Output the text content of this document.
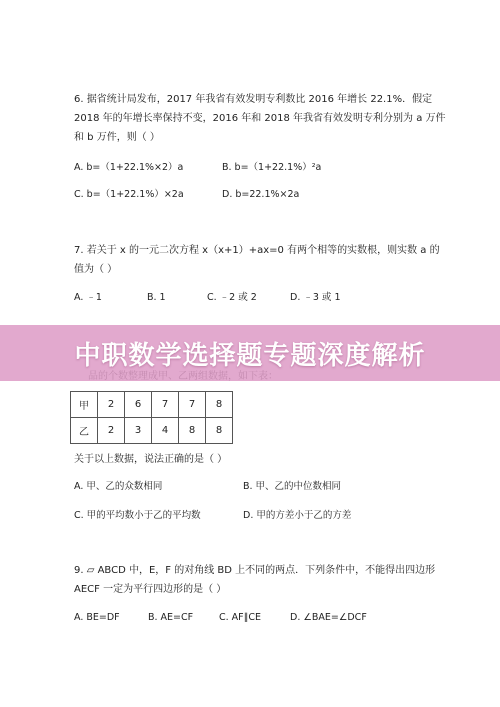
6. 据省统计局发布，2017 年我省有效发明专利数比 2016 年增长 22.1%．假定
2018 年的年增长率保持不变，2016 年和 2018 年我省有效发明专利分别为 a 万件
和 b 万件，则（ ）
A. b=（1+22.1%×2）a	B. b=（1+22.1%）²a
C. b=（1+22.1%）×2a	D. b=22.1%×2a
7. 若关于 x 的一元二次方程 x（x+1）+ax=0 有两个相等的实数根，则实数 a 的
值为（ ）
A. ﹣1	B. 1	C. ﹣2 或 2	D. ﹣3 或 1
甲	2	6	7	7	8
乙	2	3	4	8	8
关于以上数据，说法正确的是（ ）
A. 甲、乙的众数相同	B. 甲、乙的中位数相同
C. 甲的平均数小于乙的平均数	D. 甲的方差小于乙的方差
9. ▱ ABCD 中，E，F 的对角线 BD 上不同的两点．下列条件中，不能得出四边形
AECF 一定为平行四边形的是（ ）
A. BE=DF	B. AE=CF	C. AF∥CE	D. ∠BAE=∠DCF
中职数学选择题专题深度解析
